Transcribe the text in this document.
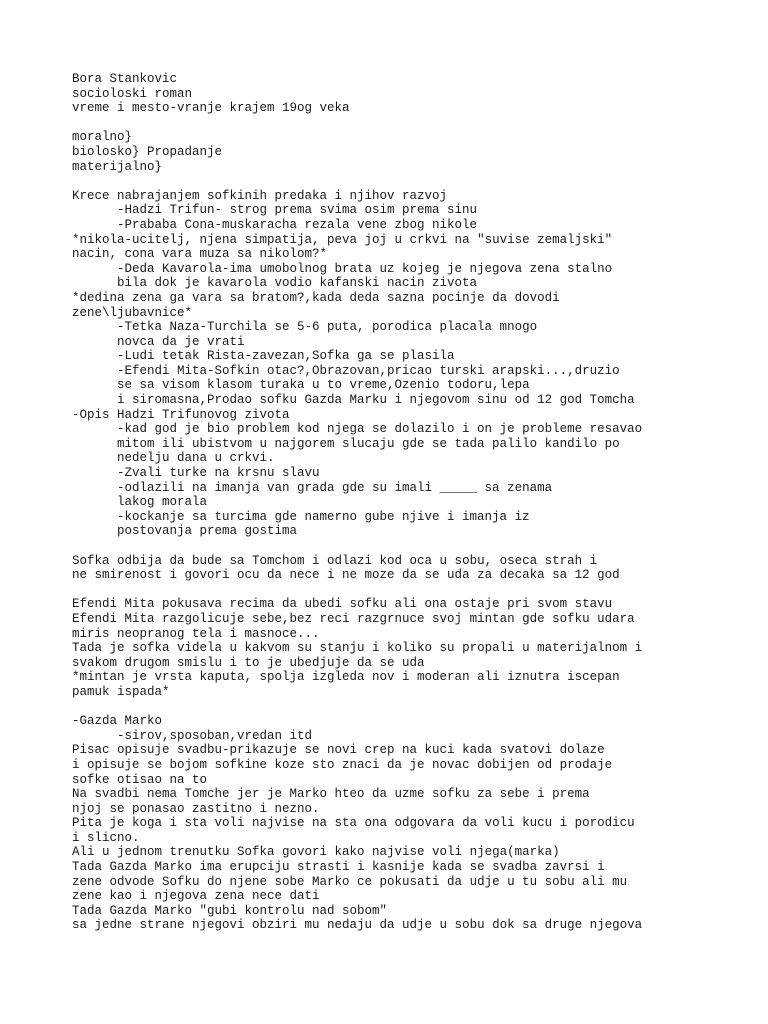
Bora Stankovic
socioloski roman
vreme i mesto-vranje krajem 19og veka
moralno}
biolosko} Propadanje
materijalno}
Krece nabrajanjem sofkinih predaka i njihov razvoj
-Hadzi Trifun- strog prema svima osim prema sinu
-Prababa Cona-muskaracha rezala vene zbog nikole
*nikola-ucitelj, njena simpatija, peva joj u crkvi na "suvise zemaljski"
nacin, cona vara muza sa nikolom?*
-Deda Kavarola-ima umobolnog brata uz kojeg je njegova zena stalno
bila dok je kavarola vodio kafanski nacin zivota
*dedina zena ga vara sa bratom?,kada deda sazna pocinje da dovodi
zene\ljubavnice*
-Tetka Naza-Turchila se 5-6 puta, porodica placala mnogo
novca da je vrati
-Ludi tetak Rista-zavezan,Sofka ga se plasila
-Efendi Mita-Sofkin otac?,Obrazovan,pricao turski arapski...,druzio
se sa visom klasom turaka u to vreme,Ozenio todoru,lepa
i siromasna,Prodao sofku Gazda Marku i njegovom sinu od 12 god Tomcha
-Opis Hadzi Trifunovog zivota
-kad god je bio problem kod njega se dolazilo i on je probleme resavao
mitom ili ubistvom u najgorem slucaju gde se tada palilo kandilo po
nedelju dana u crkvi.
-Zvali turke na krsnu slavu
-odlazili na imanja van grada gde su imali _____ sa zenama
lakog morala
-kockanje sa turcima gde namerno gube njive i imanja iz
postovanja prema gostima
Sofka odbija da bude sa Tomchom i odlazi kod oca u sobu, oseca strah i
ne smirenost i govori ocu da nece i ne moze da se uda za decaka sa 12 god
Efendi Mita pokusava recima da ubedi sofku ali ona ostaje pri svom stavu
Efendi Mita razgolicuje sebe,bez reci razgrnuce svoj mintan gde sofku udara
miris neopranog tela i masnoce...
Tada je sofka videla u kakvom su stanju i koliko su propali u materijalnom i
svakom drugom smislu i to je ubedjuje da se uda
*mintan je vrsta kaputa, spolja izgleda nov i moderan ali iznutra iscepan
pamuk ispada*
-Gazda Marko
-sirov,sposoban,vredan itd
Pisac opisuje svadbu-prikazuje se novi crep na kuci kada svatovi dolaze
i opisuje se bojom sofkine koze sto znaci da je novac dobijen od prodaje
sofke otisao na to
Na svadbi nema Tomche jer je Marko hteo da uzme sofku za sebe i prema
njoj se ponasao zastitno i nezno.
Pita je koga i sta voli najvise na sta ona odgovara da voli kucu i porodicu
i slicno.
Ali u jednom trenutku Sofka govori kako najvise voli njega(marka)
Tada Gazda Marko ima erupciju strasti i kasnije kada se svadba zavrsi i
zene odvode Sofku do njene sobe Marko ce pokusati da udje u tu sobu ali mu
zene kao i njegova zena nece dati
Tada Gazda Marko "gubi kontrolu nad sobom"
sa jedne strane njegovi obziri mu nedaju da udje u sobu dok sa druge njegova
